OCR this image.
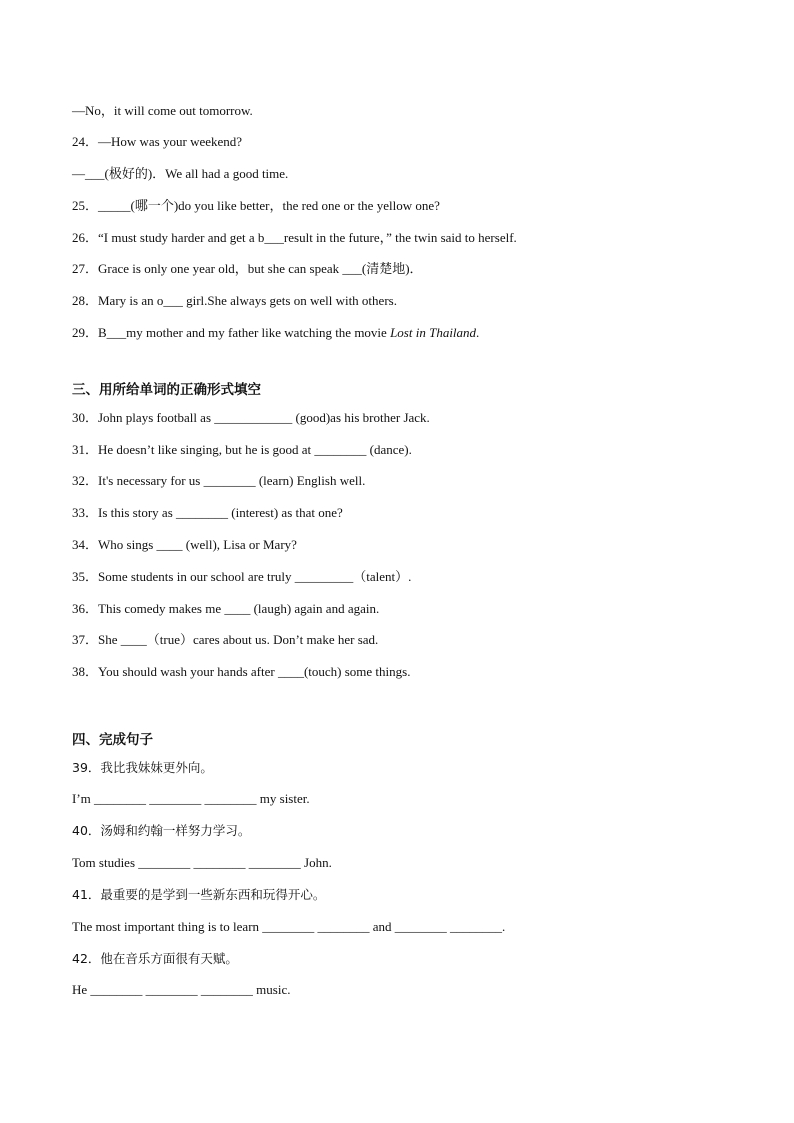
—No，it will come out tomorrow.
24．—How was your weekend?
—___(极好的)．We all had a good time.
25．_____(哪一个)do you like better，the red one or the yellow one?
26．“I must study harder and get a b___result in the future，” the twin said to herself.
27．Grace is only one year old，but she can speak ___(清楚地)．
28．Mary is an o___ girl.She always gets on well with others.
29．B___my mother and my father like watching the movie Lost in Thailand.
三、用所给单词的正确形式填空
30．John plays football as ____________ (good)as his brother Jack.
31．He doesn’t like singing, but he is good at ________ (dance).
32．It's necessary for us ________ (learn) English well.
33．Is this story as ________ (interest) as that one?
34．Who sings ____ (well), Lisa or Mary?
35．Some students in our school are truly _________（talent）.
36．This comedy makes me ____ (laugh) again and again.
37．She ____（true）cares about us. Don’t make her sad.
38．You should wash your hands after ____(touch) some things.
四、完成句子
39．我比我妹妹更外向。
I’m ________ ________ ________ my sister.
40．汤姆和约翰一样努力学习。
Tom studies ________ ________ ________ John.
41．最重要的是学到一些新东西和玩得开心。
The most important thing is to learn ________ ________ and ________ ________.
42．他在音乐方面很有天赋。
He ________ ________ ________ music.
